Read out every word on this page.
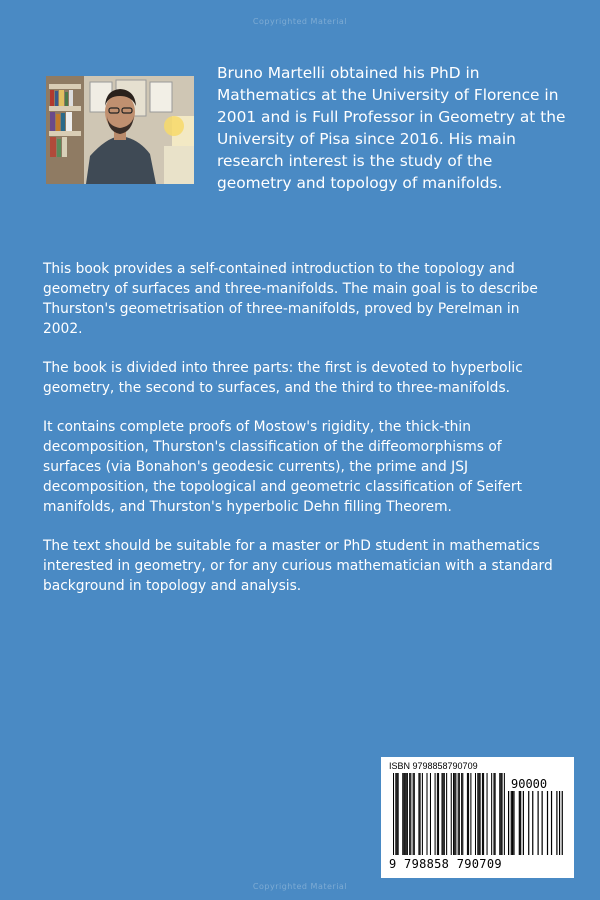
Copyrighted Material

Bruno Martelli obtained his PhD in Mathematics at the University of Florence in 2001 and is Full Professor in Geometry at the University of Pisa since 2016. His main research interest is the study of the geometry and topology of manifolds.

This book provides a self-contained introduction to the topology and geometry of surfaces and three-manifolds. The main goal is to describe Thurston's geometrisation of three-manifolds, proved by Perelman in 2002.

The book is divided into three parts: the first is devoted to hyperbolic geometry, the second to surfaces, and the third to three-manifolds.

It contains complete proofs of Mostow's rigidity, the thick-thin decomposition, Thurston's classification of the diffeomorphisms of surfaces (via Bonahon's geodesic currents), the prime and JSJ decomposition, the topological and geometric classification of Seifert manifolds, and Thurston's hyperbolic Dehn filling Theorem.

The text should be suitable for a master or PhD student in mathematics interested in geometry, or for any curious mathematician with a standard background in topology and analysis.

ISBN 9798858790709
90000
9 798858 790709
Copyrighted Material
